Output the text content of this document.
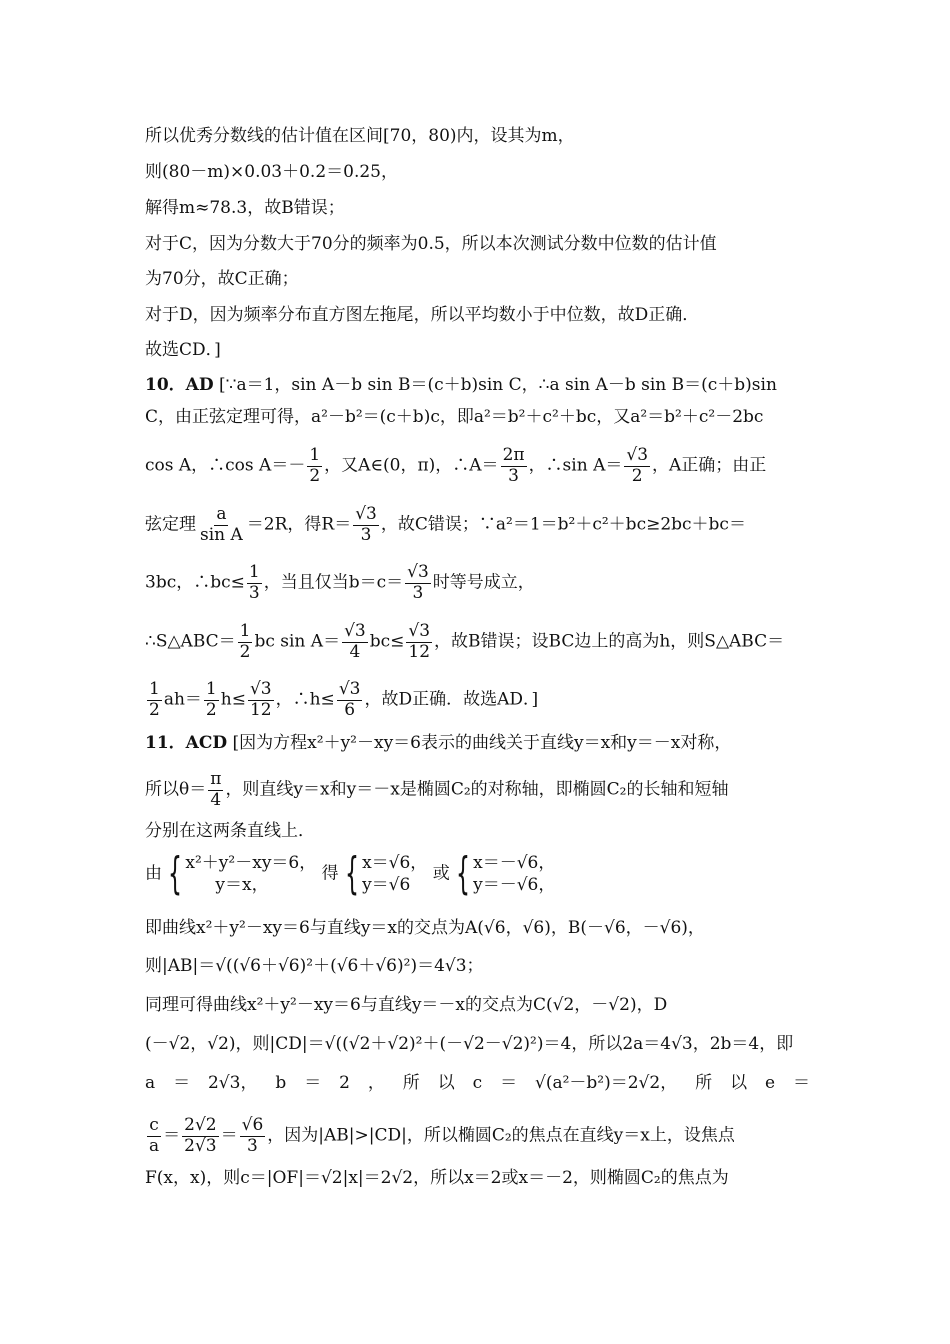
所以优秀分数线的估计值在区间[70，80)内，设其为m，
则(80－m)×0.03＋0.2＝0.25，
解得m≈78.3，故B错误；
对于C，因为分数大于70分的频率为0.5，所以本次测试分数中位数的估计值
为70分，故C正确；
对于D，因为频率分布直方图左拖尾，所以平均数小于中位数，故D正确．
故选CD．]
10．AD [∵a＝1，sin A－b sin B＝(c＋b)sin C，∴a sin A－b sin B＝(c＋b)sin
C，由正弦定理可得，a²－b²＝(c＋b)c，即a²＝b²＋c²＋bc，又a²＝b²＋c²－2bc
cos A，∴cos $A=- \frac{1}{2}$ ，又A∈(0，π)，∴A＝ $\frac{2\pi}{3}$ ，∴sin $A= \frac{√3}{2}$ ，A正确；由正
弦定理 $\frac{a}{\text{sin A}} =2R$，得$R= \frac{√3}{3}$ ，故C错误；∵a²＝1＝b²＋c²＋bc≥2bc＋bc＝
3bc，∴bc≤ $\frac{1}{3}$ ，当且仅当$b=c= \frac{√3}{3}$ 时等号成立，
∴S△ABC＝ $\frac{1}{2}$ bc $\sin A= \frac{√3}{4} bc\le \frac{√3}{12}$ ，故B错误；设BC边上的高为h，则S△ABC＝
$\frac{1}{2} ah= \frac{1}{2} h\le \frac{√3}{12}$ ，∴h≤ $\frac{√3}{6}$ ，故D正确．故选AD．]
11．ACD [因为方程x²＋y²－xy＝6表示的曲线关于直线y＝x和y＝－x对称，
所以$\theta= \frac{\pi}{4}$ ，则直线y＝x和y＝－x是椭圆C₂的对称轴，即椭圆C₂的长轴和短轴
分别在这两条直线上．
由 { x²＋y²－xy＝6，
y＝x，
得 { x＝√6，
y＝√6
或 { x＝－√6，
y＝－√6，
即曲线x²＋y²－xy＝6与直线y＝x的交点为A(√6，√6)，B(－√6，－√6)，
则|AB|＝√((√6＋√6)²＋(√6＋√6)²)＝4√3；
同理可得曲线x²＋y²－xy＝6与直线y＝－x的交点为C(√2，－√2)，D
(－√2，√2)，则|CD|＝√((√2＋√2)²＋(－√2－√2)²)＝4，所以2a＝4√3，2b＝4，即
a ＝ 2√3， b ＝ 2 ， 所 以 c ＝ √(a²－b²)＝2√2， 所 以 e ＝
$\frac{c}{a} = \frac{2√2}{2√3} = \frac{√6}{3}$ ，因为|AB|>|CD|，所以椭圆C₂的焦点在直线y＝x上，设焦点
F(x，x)，则c＝|OF|＝√2|x|＝2√2，所以x＝2或x＝－2，则椭圆C₂的焦点为
